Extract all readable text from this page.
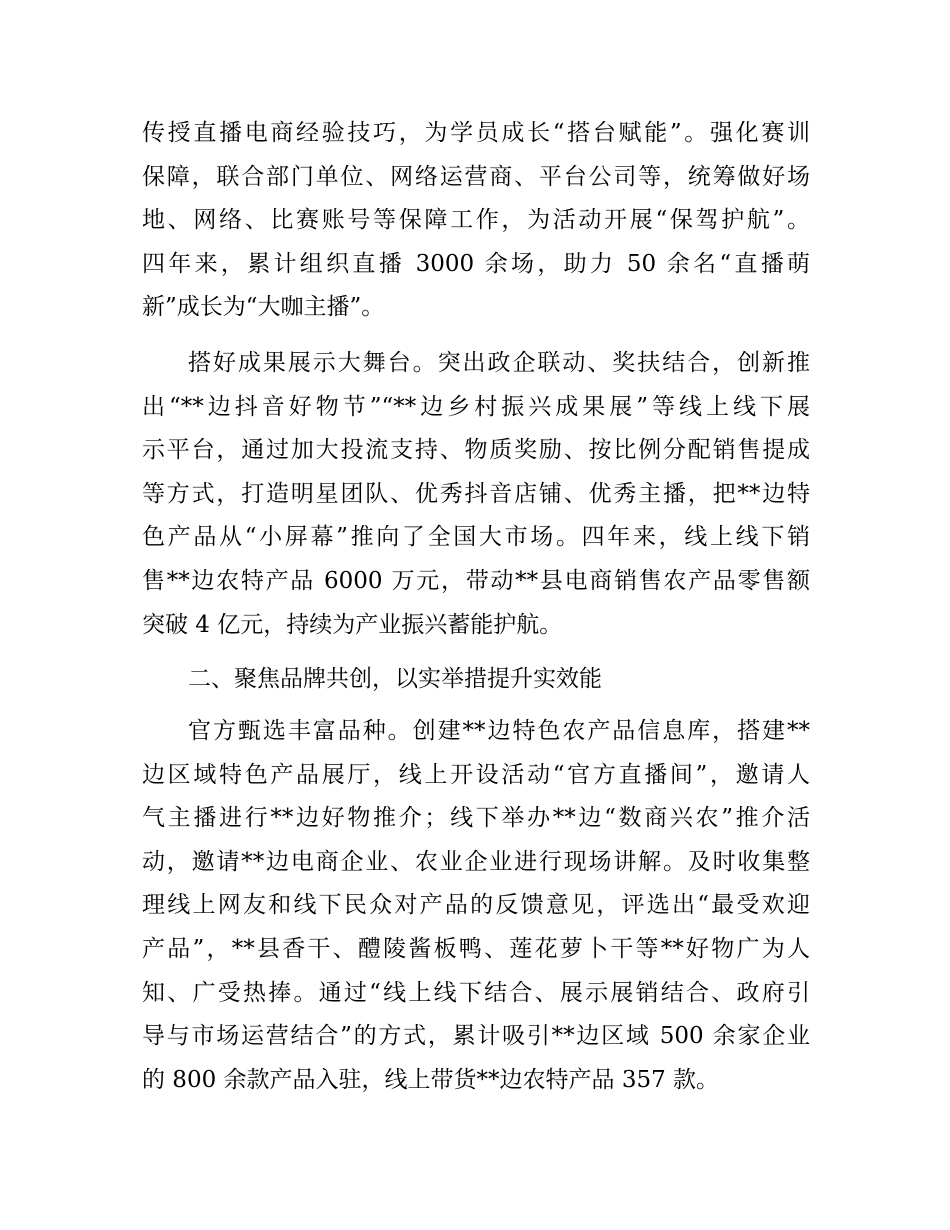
传授直播电商经验技巧，为学员成长“搭台赋能”。强化赛训
保障，联合部门单位、网络运营商、平台公司等，统筹做好场
地、网络、比赛账号等保障工作，为活动开展“保驾护航”。
四年来，累计组织直播 3000 余场，助力 50 余名“直播萌
新”成长为“大咖主播”。
搭好成果展示大舞台。突出政企联动、奖扶结合，创新推
出“**边抖音好物节”“**边乡村振兴成果展”等线上线下展
示平台，通过加大投流支持、物质奖励、按比例分配销售提成
等方式，打造明星团队、优秀抖音店铺、优秀主播，把**边特
色产品从“小屏幕”推向了全国大市场。四年来，线上线下销
售**边农特产品 6000 万元，带动**县电商销售农产品零售额
突破 4 亿元，持续为产业振兴蓄能护航。
二、聚焦品牌共创，以实举措提升实效能
官方甄选丰富品种。创建**边特色农产品信息库，搭建**
边区域特色产品展厅，线上开设活动“官方直播间”，邀请人
气主播进行**边好物推介；线下举办**边“数商兴农”推介活
动，邀请**边电商企业、农业企业进行现场讲解。及时收集整
理线上网友和线下民众对产品的反馈意见，评选出“最受欢迎
产品”，**县香干、醴陵酱板鸭、莲花萝卜干等**好物广为人
知、广受热捧。通过“线上线下结合、展示展销结合、政府引
导与市场运营结合”的方式，累计吸引**边区域 500 余家企业
的 800 余款产品入驻，线上带货**边农特产品 357 款。
